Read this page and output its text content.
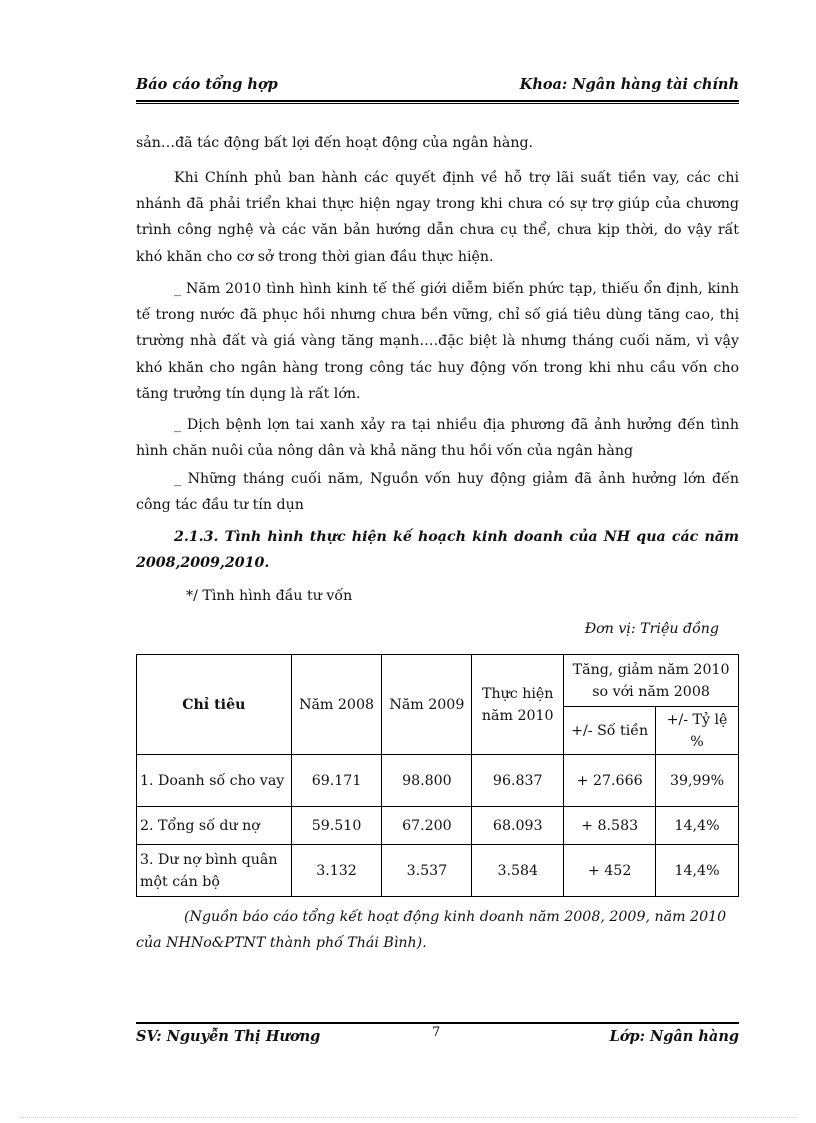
Báo cáo tổng hợp	Khoa: Ngân hàng tài chính
sản…đã tác động bất lợi đến hoạt động của ngân hàng.
Khi Chính phủ ban hành các quyết định về hỗ trợ lãi suất tiền vay, các chi nhánh đã phải triển khai thực hiện ngay trong khi chưa có sự trợ giúp của chương trình công nghệ và các văn bản hướng dẫn chưa cụ thể, chưa kịp thời, do vậy rất khó khăn cho cơ sở trong thời gian đầu thực hiện.
_ Năm 2010 tình hình kinh tế thế giới diễm biến phức tạp, thiếu ổn định, kinh tế trong nước đã phục hồi nhưng chưa bền vững, chỉ số giá tiêu dùng tăng cao, thị trường nhà đất và giá vàng tăng mạnh….đặc biệt là nhưng tháng cuối năm, vì vậy khó khăn cho ngân hàng trong công tác huy động vốn trong khi nhu cầu vốn cho tăng trưởng tín dụng là rất lớn.
_ Dịch bệnh lợn tai xanh xảy ra tại nhiều địa phương đã ảnh hưởng đến tình hình chăn nuôi của nông dân và khả năng thu hồi vốn của ngân hàng
_ Những tháng cuối năm, Nguồn vốn huy động giảm đã ảnh hưởng lớn đến công tác đầu tư tín dụn
2.1.3. Tình hình thực hiện kế hoạch kinh doanh của NH qua các năm 2008,2009,2010.
*/ Tình hình đầu tư vốn
Đơn vị: Triệu đồng
Chỉ tiêu	Năm 2008	Năm 2009	Thực hiện năm 2010	Tăng, giảm năm 2010 so với năm 2008	
				+/- Số tiền	+/- Tỷ lệ %
1. Doanh số cho vay	69.171	98.800	96.837	+ 27.666	39,99%
2. Tổng số dư nợ	59.510	67.200	68.093	+ 8.583	14,4%
3. Dư nợ bình quân một cán bộ	3.132	3.537	3.584	+ 452	14,4%
(Nguồn báo cáo tổng kết hoạt động kinh doanh năm 2008, 2009, năm 2010 của NHNo&PTNT thành phố Thái Bình).
SV: Nguyễn Thị Hương	7	Lớp: Ngân hàng
